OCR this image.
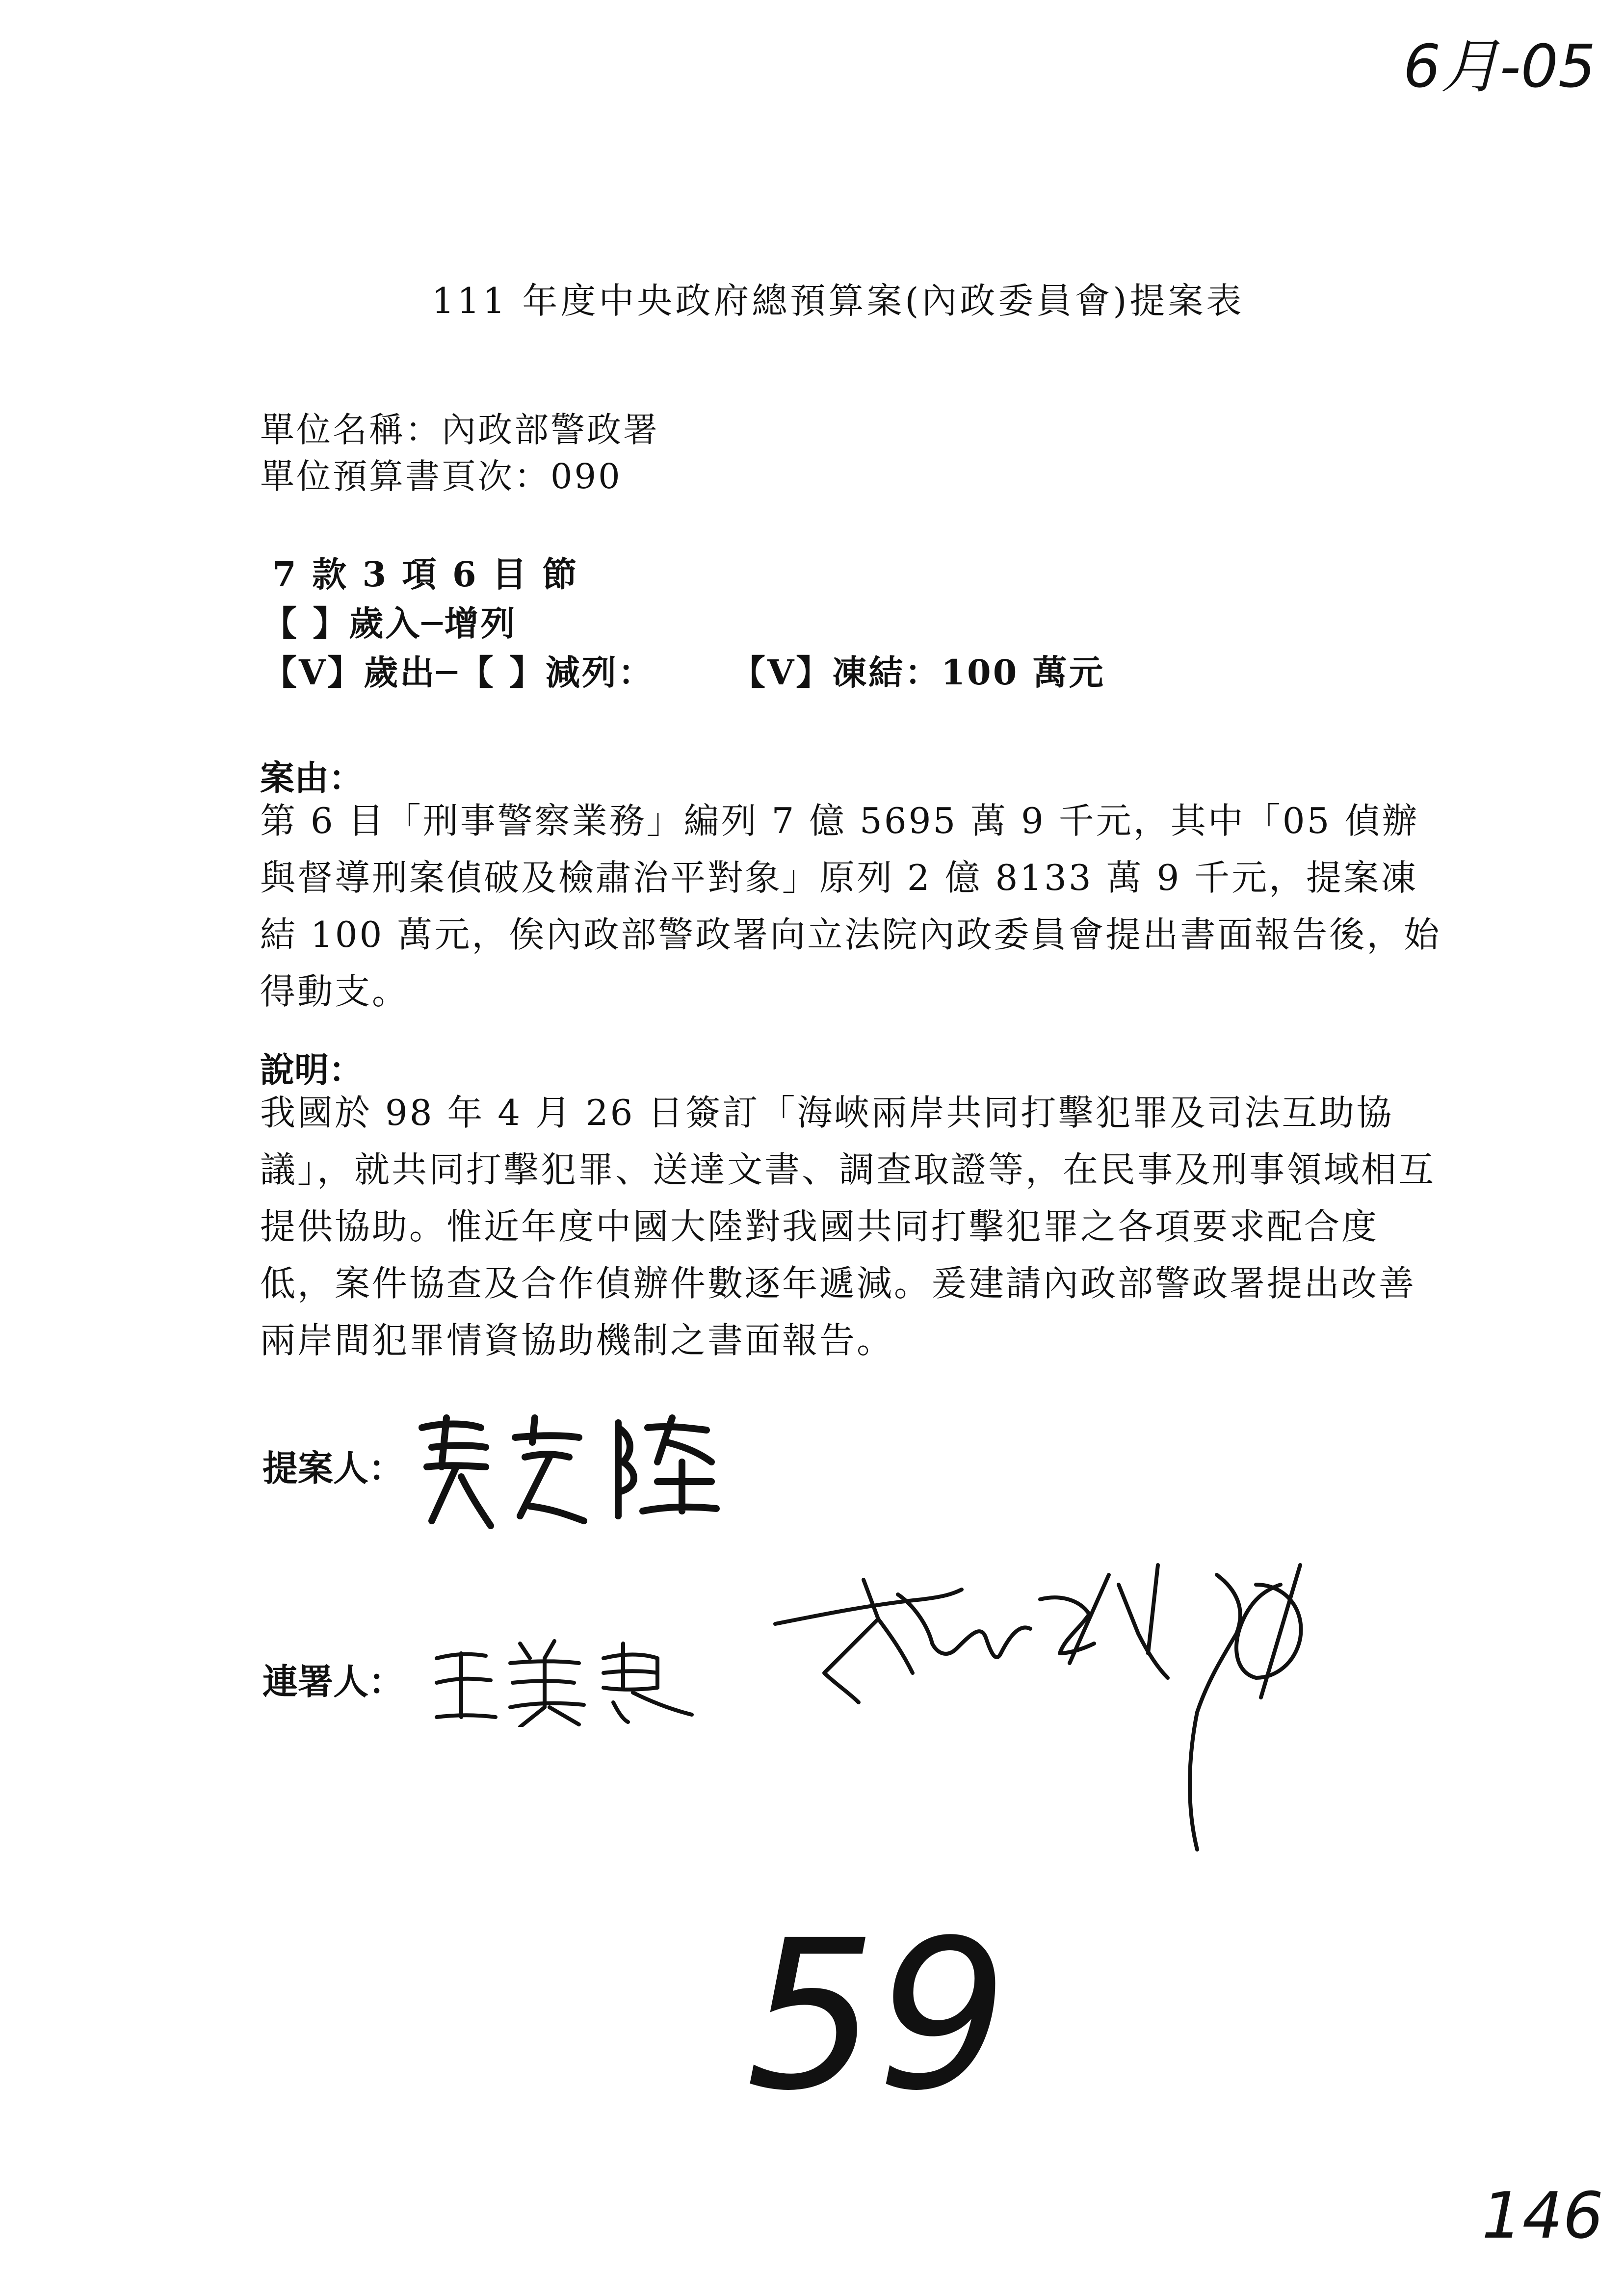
6月-05
111 年度中央政府總預算案(內政委員會)提案表
單位名稱：內政部警政署
單位預算書頁次：090
7 款 3 項 6 目 節
【 】歲入─增列
【V】歲出─【 】減列： 【V】凍結：100 萬元
案由：
第 6 目「刑事警察業務」編列 7 億 5695 萬 9 千元，其中「05 偵辦與督導刑案偵破及檢肅治平對象」原列 2 億 8133 萬 9 千元，提案凍結 100 萬元，俟內政部警政署向立法院內政委員會提出書面報告後，始得動支。
說明：
我國於 98 年 4 月 26 日簽訂「海峽兩岸共同打擊犯罪及司法互助協議」，就共同打擊犯罪、送達文書、調查取證等，在民事及刑事領域相互提供協助。惟近年度中國大陸對我國共同打擊犯罪之各項要求配合度低，案件協查及合作偵辦件數逐年遞減。爰建請內政部警政署提出改善兩岸間犯罪情資協助機制之書面報告。
提案人：
連署人：
59
146
